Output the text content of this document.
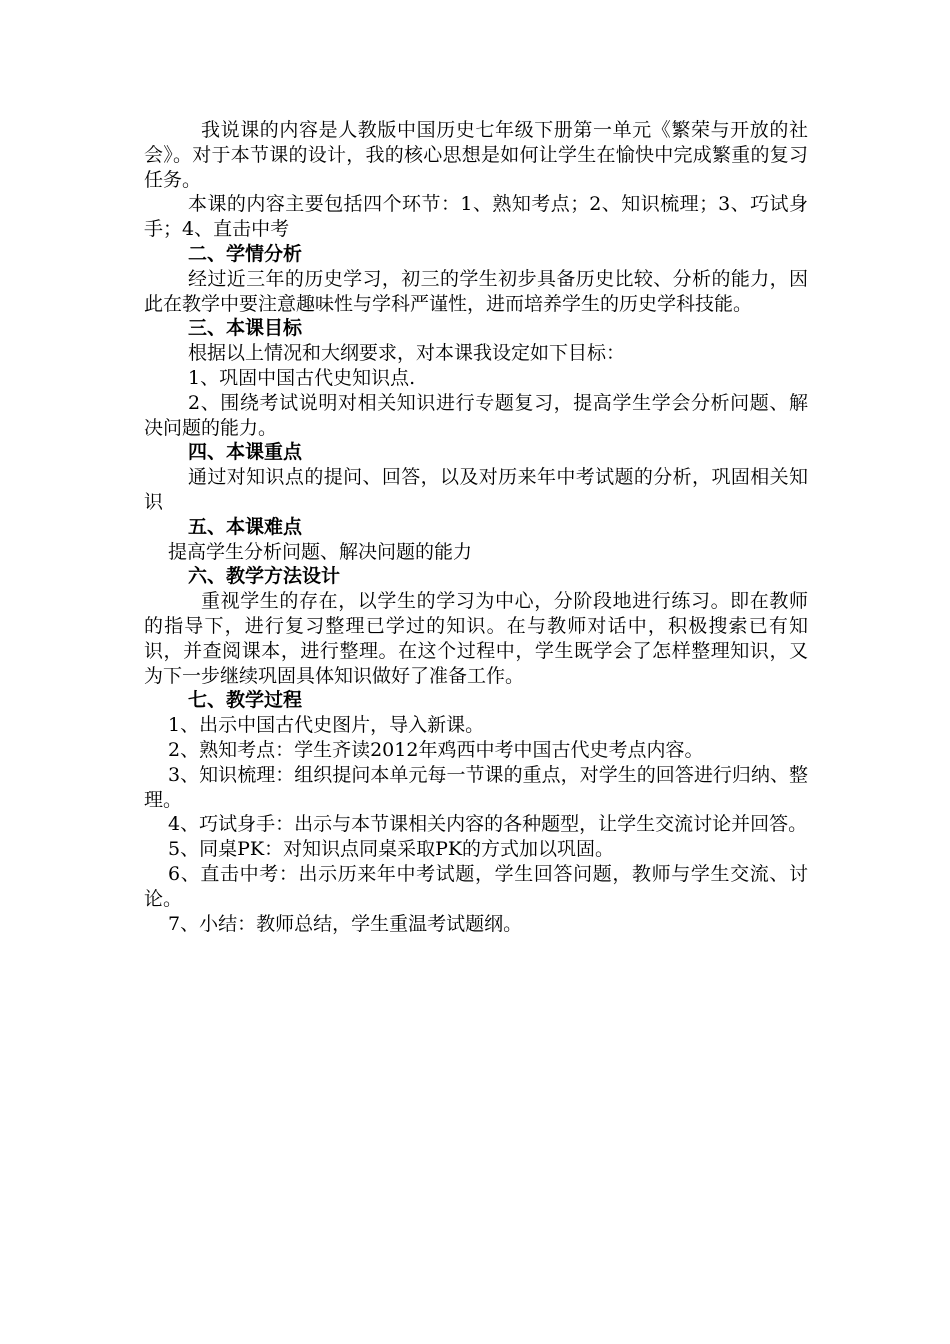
我说课的内容是人教版中国历史七年级下册第一单元《繁荣与开放的社会》。对于本节课的设计，我的核心思想是如何让学生在愉快中完成繁重的复习任务。

本课的内容主要包括四个环节：1、熟知考点；2、知识梳理；3、巧试身手；4、直击中考

二、学情分析

经过近三年的历史学习，初三的学生初步具备历史比较、分析的能力，因此在教学中要注意趣味性与学科严谨性，进而培养学生的历史学科技能。

三、本课目标

根据以上情况和大纲要求，对本课我设定如下目标：

1、巩固中国古代史知识点.

2、围绕考试说明对相关知识进行专题复习，提高学生学会分析问题、解决问题的能力。

四、本课重点

通过对知识点的提问、回答，以及对历来年中考试题的分析，巩固相关知识

五、本课难点

提高学生分析问题、解决问题的能力

六、教学方法设计

重视学生的存在，以学生的学习为中心，分阶段地进行练习。即在教师的指导下，进行复习整理已学过的知识。在与教师对话中，积极搜索已有知识，并查阅课本，进行整理。在这个过程中，学生既学会了怎样整理知识，又为下一步继续巩固具体知识做好了准备工作。

七、教学过程

1、出示中国古代史图片，导入新课。

2、熟知考点：学生齐读2012年鸡西中考中国古代史考点内容。

3、知识梳理：组织提问本单元每一节课的重点，对学生的回答进行归纳、整理。

4、巧试身手：出示与本节课相关内容的各种题型，让学生交流讨论并回答。

5、同桌PK：对知识点同桌采取PK的方式加以巩固。

6、直击中考：出示历来年中考试题，学生回答问题，教师与学生交流、讨论。

7、小结：教师总结，学生重温考试题纲。
